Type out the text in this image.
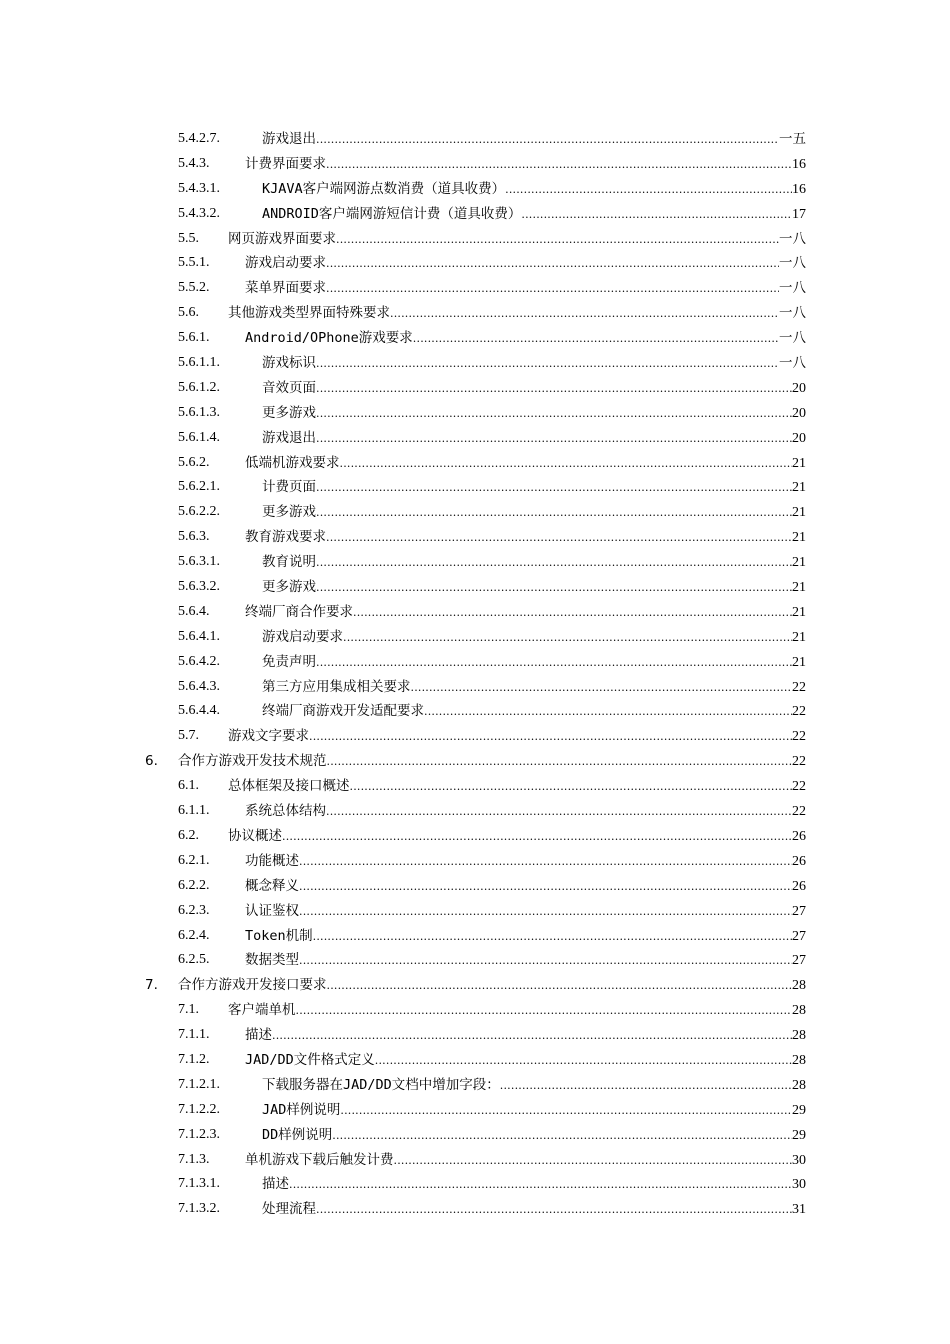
5.4.2.7.	游戏退出 .....	一五
5.4.3.	计费界面要求 .....	16
5.4.3.1.	KJAVA客户端网游点数消费（道具收费） .....	16
5.4.3.2.	ANDROID客户端网游短信计费（道具收费） .....	17
5.5. 网页游戏界面要求 .....	一八
5.5.1.	游戏启动要求 .....	一八
5.5.2.	菜单界面要求 .....	一八
5.6. 其他游戏类型界面特殊要求 .....	一八
5.6.1.	Android/OPhone游戏要求 .....	一八
5.6.1.1.	游戏标识 .....	一八
5.6.1.2.	音效页面 .....	20
5.6.1.3.	更多游戏 .....	20
5.6.1.4.	游戏退出 .....	20
5.6.2.	低端机游戏要求 .....	21
5.6.2.1.	计费页面 .....	21
5.6.2.2.	更多游戏 .....	21
5.6.3.	教育游戏要求 .....	21
5.6.3.1.	教育说明 .....	21
5.6.3.2.	更多游戏 .....	21
5.6.4.	终端厂商合作要求 .....	21
5.6.4.1.	游戏启动要求 .....	21
5.6.4.2.	免责声明 .....	21
5.6.4.3.	第三方应用集成相关要求 .....	22
5.6.4.4.	终端厂商游戏开发适配要求 .....	22
5.7. 游戏文字要求 .....	22
6. 合作方游戏开发技术规范 .....	22
6.1. 总体框架及接口概述 .....	22
6.1.1.	系统总体结构 .....	22
6.2. 协议概述 .....	26
6.2.1.	功能概述 .....	26
6.2.2.	概念释义 .....	26
6.2.3.	认证鉴权 .....	27
6.2.4.	Token机制 .....	27
6.2.5.	数据类型 .....	27
7. 合作方游戏开发接口要求 .....	28
7.1. 客户端单机 .....	28
7.1.1.	描述 .....	28
7.1.2.	JAD/DD文件格式定义 .....	28
7.1.2.1.	下载服务器在JAD/DD文档中增加字段： .....	28
7.1.2.2.	JAD样例说明 .....	29
7.1.2.3.	DD样例说明 .....	29
7.1.3.	单机游戏下载后触发计费 .....	30
7.1.3.1.	描述 .....	30
7.1.3.2.	处理流程 .....	31
